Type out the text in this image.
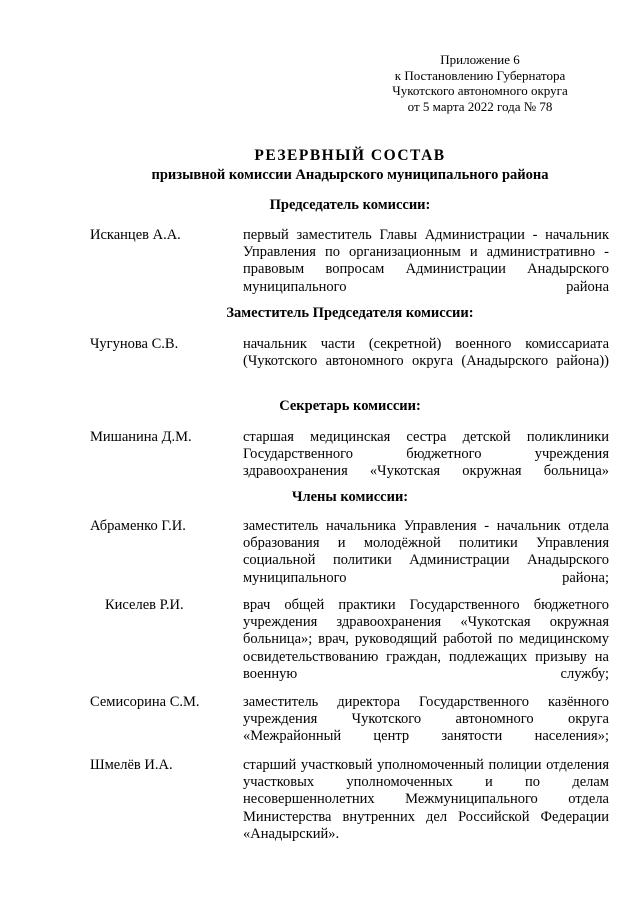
Приложение 6
к Постановлению Губернатора
Чукотского автономного округа
от 5 марта 2022 года № 78
РЕЗЕРВНЫЙ СОСТАВ
призывной комиссии Анадырского муниципального района
Председатель комиссии:
Исканцев А.А.	первый заместитель Главы Администрации - начальник Управления по организационным и административно - правовым вопросам Администрации Анадырского муниципального района
Заместитель Председателя комиссии:
Чугунова С.В.	начальник части (секретной) военного комиссариата (Чукотского автономного округа (Анадырского района))
Секретарь комиссии:
Мишанина Д.М.	старшая медицинская сестра детской поликлиники Государственного бюджетного учреждения здравоохранения «Чукотская окружная больница»
Члены комиссии:
Абраменко Г.И.	заместитель начальника Управления - начальник отдела образования и молодёжной политики Управления социальной политики Администрации Анадырского муниципального района;
Киселев Р.И.	врач общей практики Государственного бюджетного учреждения здравоохранения «Чукотская окружная больница»; врач, руководящий работой по медицинскому освидетельствованию граждан, подлежащих призыву на военную службу;
Семисорина С.М.	заместитель директора Государственного казённого учреждения Чукотского автономного округа «Межрайонный центр занятости населения»;
Шмелёв И.А.	старший участковый уполномоченный полиции отделения участковых уполномоченных и по делам несовершеннолетних Межмуниципального отдела Министерства внутренних дел Российской Федерации «Анадырский».
